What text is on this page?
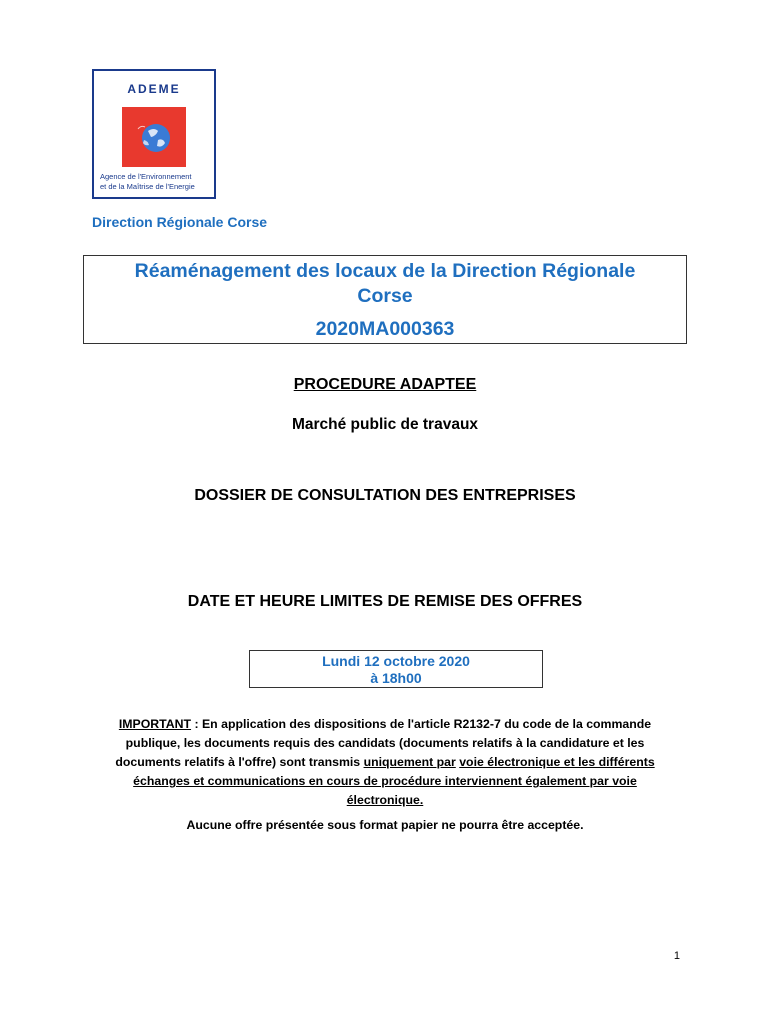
ADEME
Agence de l'Environnement
et de la Maîtrise de l'Energie
Direction Régionale Corse
Réaménagement des locaux de la Direction Régionale Corse
2020MA000363
PROCEDURE ADAPTEE
Marché public de travaux
DOSSIER DE CONSULTATION DES ENTREPRISES
DATE ET HEURE LIMITES DE REMISE DES OFFRES
Lundi 12 octobre 2020
à 18h00
IMPORTANT : En application des dispositions de l'article R2132-7 du code de la commande publique, les documents requis des candidats (documents relatifs à la candidature et les documents relatifs à l'offre) sont transmis uniquement par voie électronique et les différents échanges et communications en cours de procédure interviennent également par voie électronique.
Aucune offre présentée sous format papier ne pourra être acceptée.
1
